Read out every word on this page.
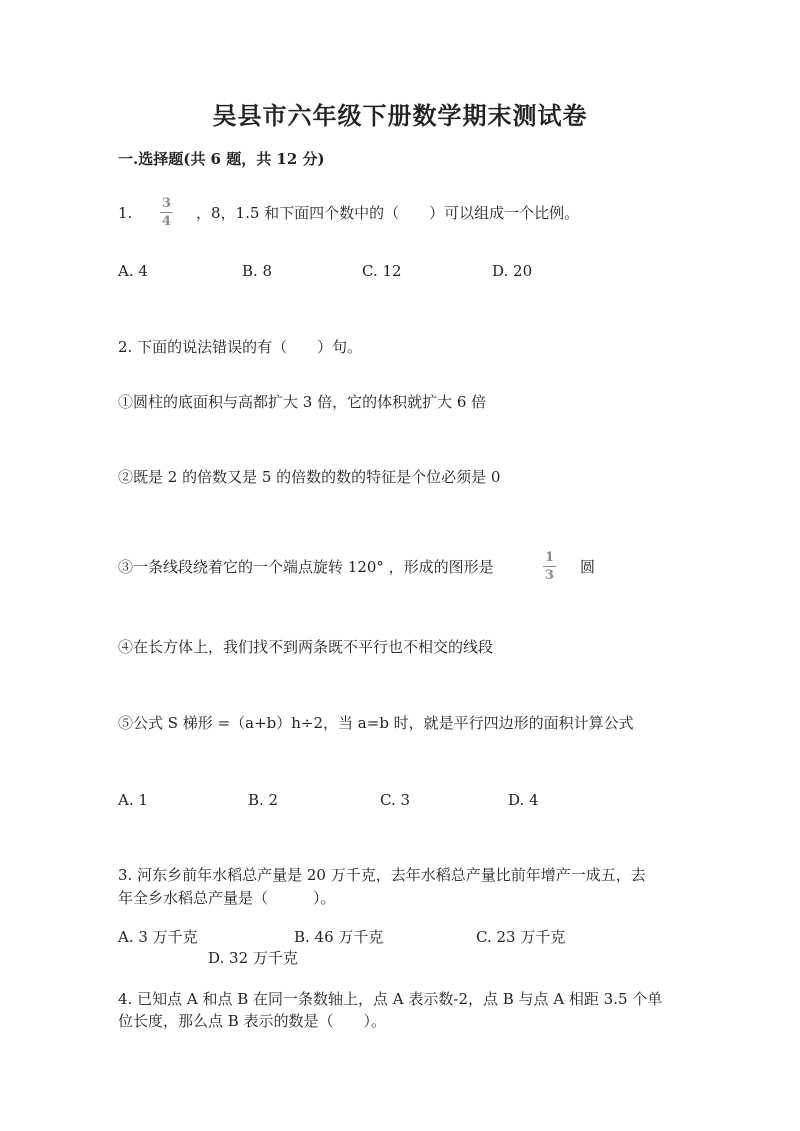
吴县市六年级下册数学期末测试卷
一.选择题(共 6 题，共 12 分)
1.
3
4 ，8，1.5 和下面四个数中的（　　）可以组成一个比例。
A. 4	B. 8	C. 12	D. 20
2. 下面的说法错误的有（　　）句。
①圆柱的底面积与高都扩大 3 倍，它的体积就扩大 6 倍
②既是 2 的倍数又是 5 的倍数的数的特征是个位必须是 0
③一条线段绕着它的一个端点旋转 120° ，形成的图形是
1
3 圆
④在长方体上，我们找不到两条既不平行也不相交的线段
⑤公式 S 梯形 =（a+b）h÷2，当 a=b 时，就是平行四边形的面积计算公式
A. 1	B. 2	C. 3	D. 4
3. 河东乡前年水稻总产量是 20 万千克，去年水稻总产量比前年增产一成五，去
年全乡水稻总产量是（　　　）。
A. 3 万千克	B. 46 万千克	C. 23 万千克
D. 32 万千克
4. 已知点 A 和点 B 在同一条数轴上，点 A 表示数-2，点 B 与点 A 相距 3.5 个单
位长度，那么点 B 表示的数是（　　）。
